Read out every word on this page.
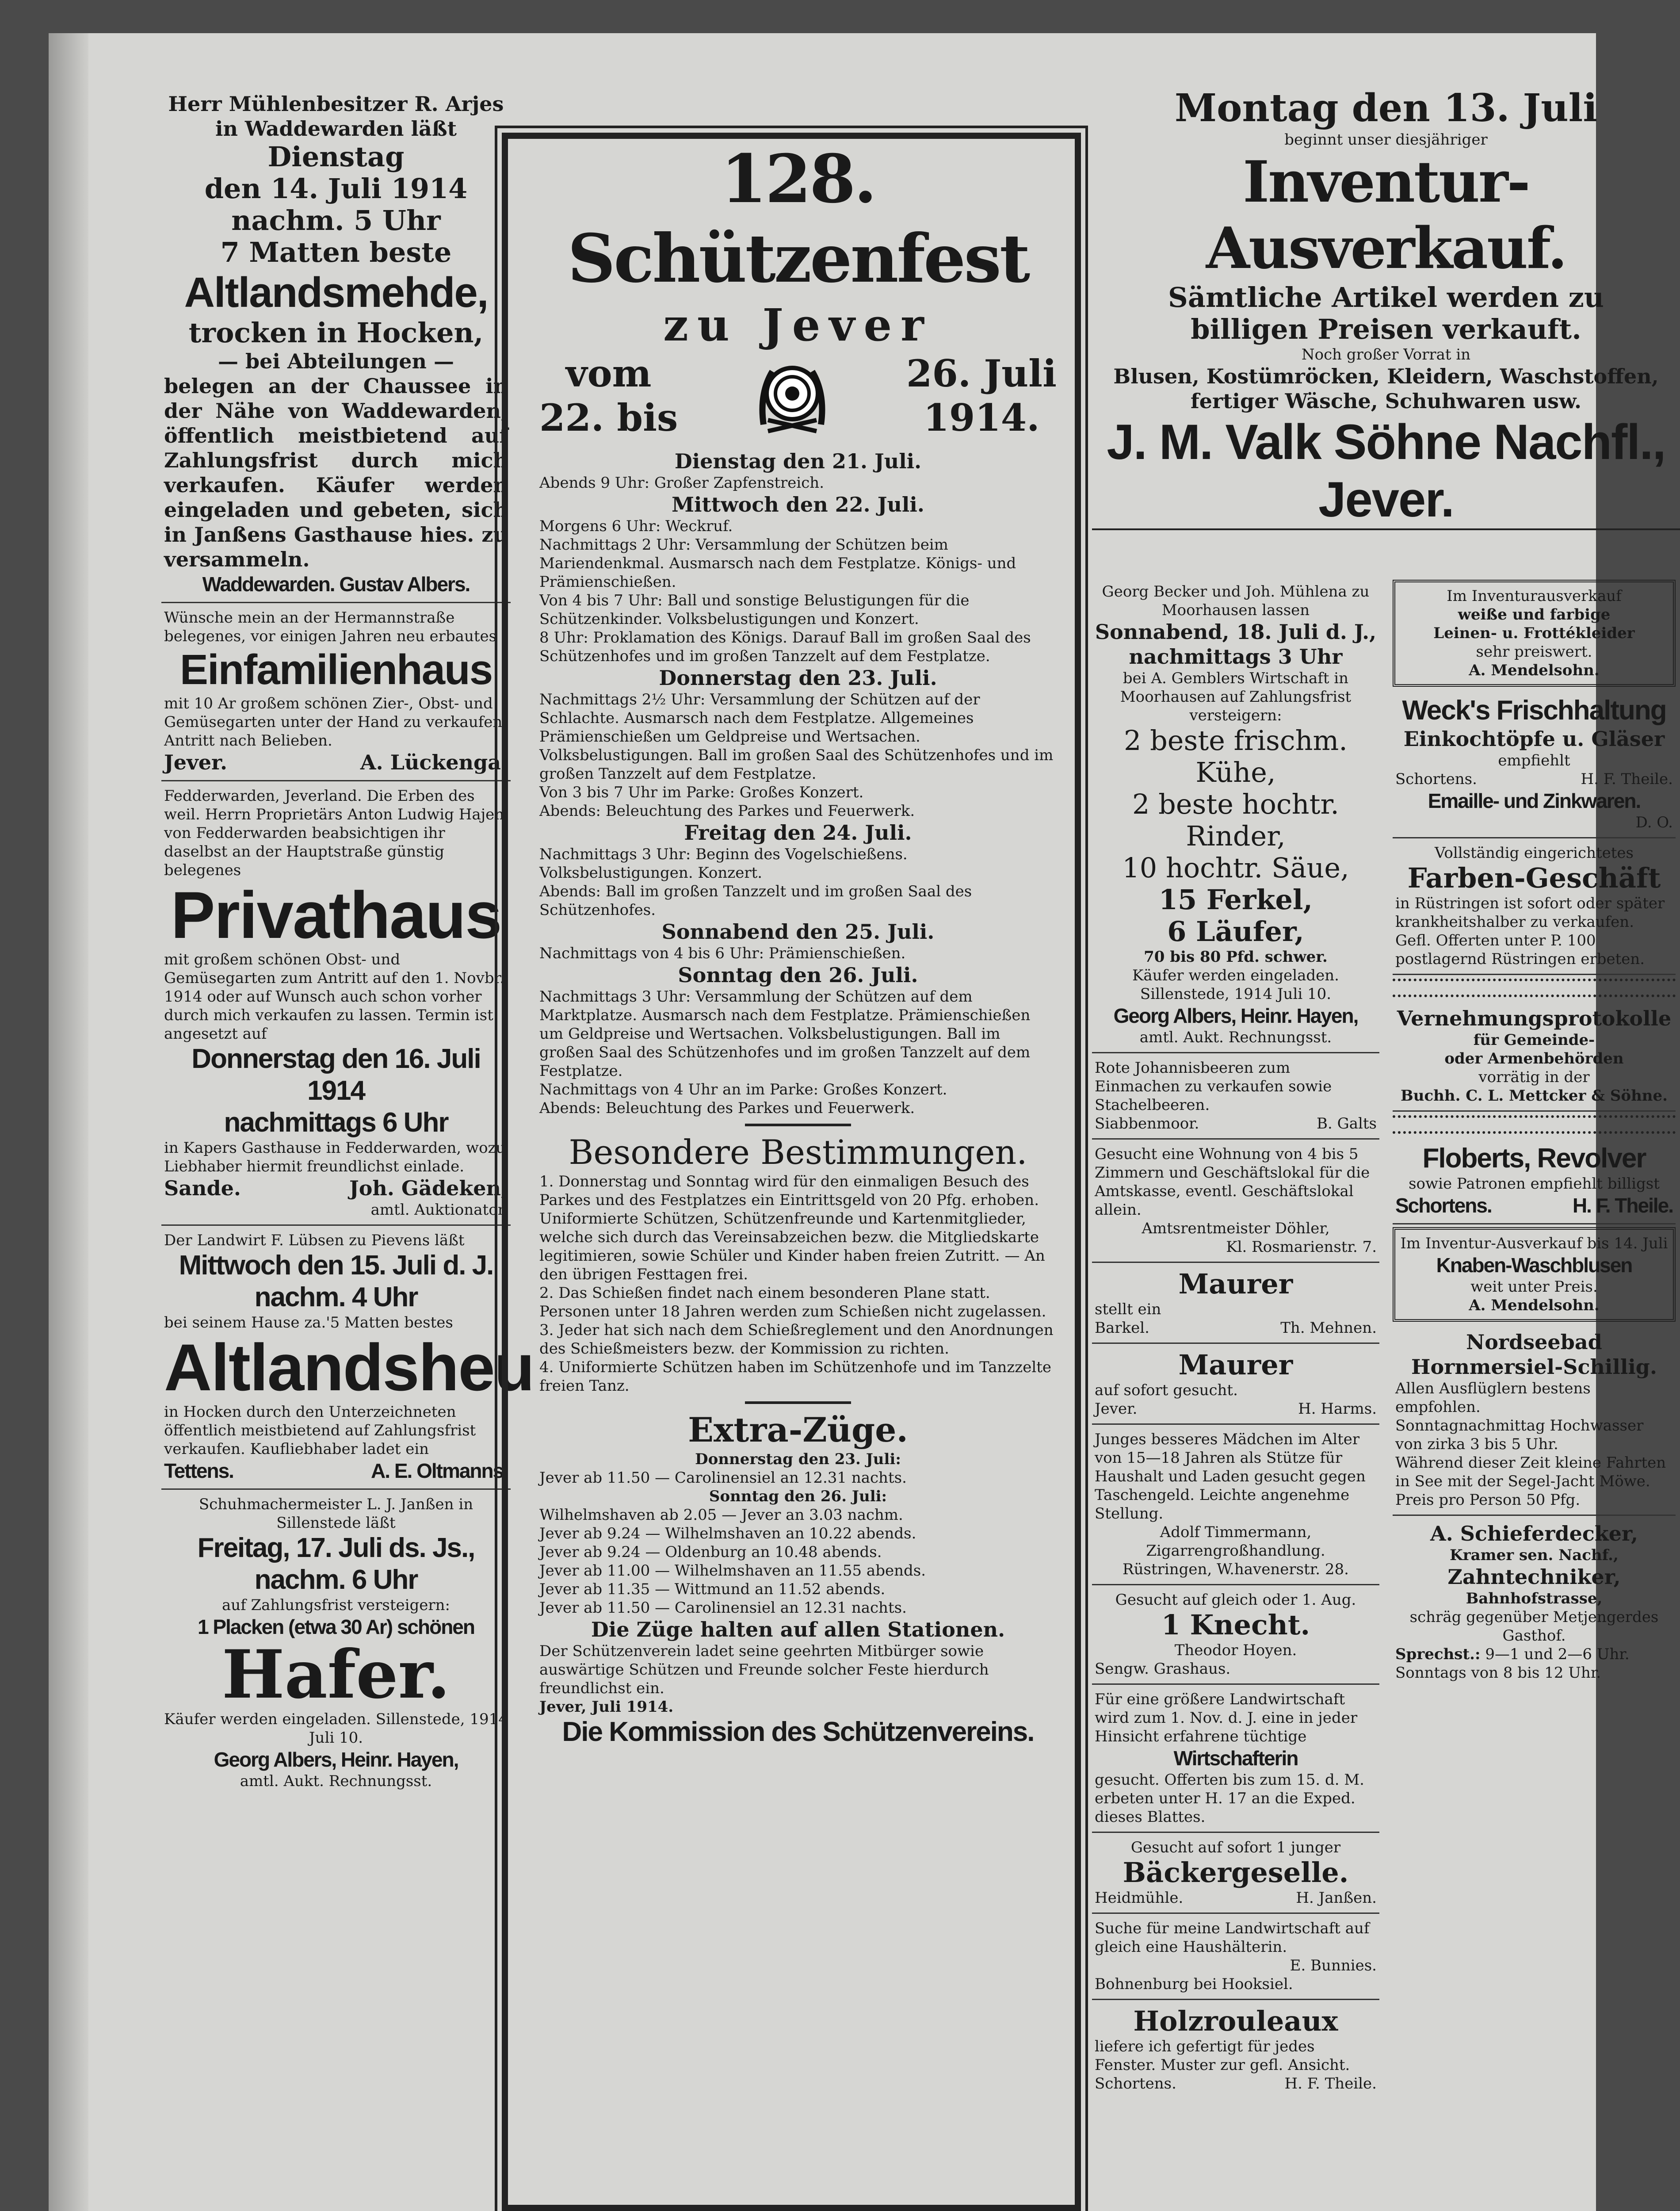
Herr Mühlenbesitzer R. Arjes in Waddewarden läßt

Dienstag

den 14. Juli 1914

nachm. 5 Uhr

7 Matten beste

Altlandsmehde,

trocken in Hocken,

— bei Abteilungen —

belegen an der Chaussee in der Nähe von Waddewarden, öffentlich meistbietend auf Zahlungsfrist durch mich verkaufen. Käufer werden eingeladen und gebeten, sich in Janßens Gasthause hies. zu versammeln.

Waddewarden. Gustav Albers.

Wünsche mein an der Hermannstraße belegenes, vor einigen Jahren neu erbautes

Einfamilienhaus

mit 10 Ar großem schönen Zier-, Obst- und Gemüsegarten unter der Hand zu verkaufen. Antritt nach Belieben.

Jever.	A. Lückenga.

Fedderwarden, Jeverland. Die Erben des weil. Herrn Proprietärs Anton Ludwig Hajen von Fedderwarden beabsichtigen ihr daselbst an der Hauptstraße günstig belegenes

Privathaus

mit großem schönen Obst- und Gemüsegarten zum Antritt auf den 1. Novbr. 1914 oder auf Wunsch auch schon vorher durch mich verkaufen zu lassen. Termin ist angesetzt auf

Donnerstag den 16. Juli 1914

nachmittags 6 Uhr

in Kapers Gasthause in Fedderwarden, wozu Liebhaber hiermit freundlichst einlade.

Sande.	Joh. Gädeken,

amtl. Auktionator.

Der Landwirt F. Lübsen zu Pievens läßt

Mittwoch den 15. Juli d. J.

nachm. 4 Uhr

bei seinem Hause za.'5 Matten bestes

Altlandsheu

in Hocken durch den Unterzeichneten öffentlich meistbietend auf Zahlungsfrist verkaufen. Kaufliebhaber ladet ein

Tettens.	A. E. Oltmanns.

Schuhmachermeister L. J. Janßen in Sillenstede läßt

Freitag, 17. Juli ds. Js.,

nachm. 6 Uhr

auf Zahlungsfrist versteigern:

1 Placken (etwa 30 Ar) schönen

Hafer.

Käufer werden eingeladen. Sillenstede, 1914 Juli 10.

Georg Albers, Heinr. Hayen,

amtl. Aukt. Rechnungsst.

128. Schützenfest

zu Jever

vom

22. bis

26. Juli

1914.

Dienstag den 21. Juli.

Abends 9 Uhr: Großer Zapfenstreich.

Mittwoch den 22. Juli.

Morgens 6 Uhr: Weckruf.

Nachmittags 2 Uhr: Versammlung der Schützen beim Mariendenkmal. Ausmarsch nach dem Festplatze. Königs- und Prämienschießen.

Von 4 bis 7 Uhr: Ball und sonstige Belustigungen für die Schützenkinder. Volksbelustigungen und Konzert.

8 Uhr: Proklamation des Königs. Darauf Ball im großen Saal des Schützenhofes und im großen Tanzzelt auf dem Festplatze.

Donnerstag den 23. Juli.

Nachmittags 2½ Uhr: Versammlung der Schützen auf der Schlachte. Ausmarsch nach dem Festplatze. Allgemeines Prämienschießen um Geldpreise und Wertsachen. Volksbelustigungen. Ball im großen Saal des Schützenhofes und im großen Tanzzelt auf dem Festplatze.

Von 3 bis 7 Uhr im Parke: Großes Konzert.

Abends: Beleuchtung des Parkes und Feuerwerk.

Freitag den 24. Juli.

Nachmittags 3 Uhr: Beginn des Vogelschießens. Volksbelustigungen. Konzert.

Abends: Ball im großen Tanzzelt und im großen Saal des Schützenhofes.

Sonnabend den 25. Juli.

Nachmittags von 4 bis 6 Uhr: Prämienschießen.

Sonntag den 26. Juli.

Nachmittags 3 Uhr: Versammlung der Schützen auf dem Marktplatze. Ausmarsch nach dem Festplatze. Prämienschießen um Geldpreise und Wertsachen. Volksbelustigungen. Ball im großen Saal des Schützenhofes und im großen Tanzzelt auf dem Festplatze.

Nachmittags von 4 Uhr an im Parke: Großes Konzert.

Abends: Beleuchtung des Parkes und Feuerwerk.

Besondere Bestimmungen.

1. Donnerstag und Sonntag wird für den einmaligen Besuch des Parkes und des Festplatzes ein Eintrittsgeld von 20 Pfg. erhoben. Uniformierte Schützen, Schützenfreunde und Kartenmitglieder, welche sich durch das Vereinsabzeichen bezw. die Mitgliedskarte legitimieren, sowie Schüler und Kinder haben freien Zutritt. — An den übrigen Festtagen frei.

2. Das Schießen findet nach einem besonderen Plane statt. Personen unter 18 Jahren werden zum Schießen nicht zugelassen.

3. Jeder hat sich nach dem Schießreglement und den Anordnungen des Schießmeisters bezw. der Kommission zu richten.

4. Uniformierte Schützen haben im Schützenhofe und im Tanzzelte freien Tanz.

Extra-Züge.

Donnerstag den 23. Juli:

Jever ab 11.50 — Carolinensiel an 12.31 nachts.

Sonntag den 26. Juli:

Wilhelmshaven ab 2.05 — Jever an 3.03 nachm.

Jever ab 9.24 — Wilhelmshaven an 10.22 abends.

Jever ab 9.24 — Oldenburg an 10.48 abends.

Jever ab 11.00 — Wilhelmshaven an 11.55 abends.

Jever ab 11.35 — Wittmund an 11.52 abends.

Jever ab 11.50 — Carolinensiel an 12.31 nachts.

Die Züge halten auf allen Stationen.

Der Schützenverein ladet seine geehrten Mitbürger sowie auswärtige Schützen und Freunde solcher Feste hierdurch freundlichst ein.

Jever, Juli 1914.

Die Kommission des Schützenvereins.

Montag den 13. Juli

beginnt unser diesjähriger

Inventur-Ausverkauf.

Sämtliche Artikel werden zu

billigen Preisen verkauft.

Noch großer Vorrat in

Blusen, Kostümröcken, Kleidern, Waschstoffen,

fertiger Wäsche, Schuhwaren usw.

J. M. Valk Söhne Nachfl., Jever.

Georg Becker und Joh. Mühlena zu Moorhausen lassen

Sonnabend, 18. Juli d. J.,

nachmittags 3 Uhr

bei A. Gemblers Wirtschaft in Moorhausen auf Zahlungsfrist versteigern:

2 beste frischm. Kühe,

2 beste hochtr. Rinder,

10 hochtr. Säue,

15 Ferkel,

6 Läufer,

70 bis 80 Pfd. schwer.

Käufer werden eingeladen. Sillenstede, 1914 Juli 10.

Georg Albers, Heinr. Hayen,

amtl. Aukt. Rechnungsst.

Rote Johannisbeeren zum Einmachen zu verkaufen sowie Stachelbeeren.

Siabbenmoor.	B. Galts

Gesucht eine Wohnung von 4 bis 5 Zimmern und Geschäftslokal für die Amtskasse, eventl. Geschäftslokal allein.

Amtsrentmeister Döhler,

Kl. Rosmarienstr. 7.

Maurer

stellt ein

Barkel.	Th. Mehnen.

Maurer

auf sofort gesucht.

Jever.	H. Harms.

Junges besseres Mädchen im Alter von 15—18 Jahren als Stütze für Haushalt und Laden gesucht gegen Taschengeld. Leichte angenehme Stellung.

Adolf Timmermann,

Zigarrengroßhandlung.

Rüstringen, W.havenerstr. 28.

Gesucht auf gleich oder 1. Aug.

1 Knecht.

Theodor Hoyen.

Sengw. Grashaus.

Für eine größere Landwirtschaft wird zum 1. Nov. d. J. eine in jeder Hinsicht erfahrene tüchtige

Wirtschafterin

gesucht. Offerten bis zum 15. d. M. erbeten unter H. 17 an die Exped. dieses Blattes.

Gesucht auf sofort 1 junger

Bäckergeselle.

Heidmühle.	H. Janßen.

Suche für meine Landwirtschaft auf gleich eine Haushälterin.

E. Bunnies.

Bohnenburg bei Hooksiel.

Holzrouleaux

liefere ich gefertigt für jedes Fenster. Muster zur gefl. Ansicht.

Schortens.	H. F. Theile.

Im Inventurausverkauf

weiße und farbige

Leinen- u. Frottékleider

sehr preiswert.

A. Mendelsohn.

Weck's Frischhaltung

Einkochtöpfe u. Gläser

empfiehlt

Schortens.	H. F. Theile.

Emaille- und Zinkwaren.

D. O.

Vollständig eingerichtetes

Farben-Geschäft

in Rüstringen ist sofort oder später krankheitshalber zu verkaufen. Gefl. Offerten unter P. 100 postlagernd Rüstringen erbeten.

Vernehmungsprotokolle

für Gemeinde-

oder Armenbehörden

vorrätig in der

Buchh. C. L. Mettcker & Söhne.

Floberts, Revolver

sowie Patronen empfiehlt billigst

Schortens.	H. F. Theile.

Im Inventur-Ausverkauf bis 14. Juli

Knaben-Waschblusen

weit unter Preis.

A. Mendelsohn.

Nordseebad

Hornmersiel-Schillig.

Allen Ausflüglern bestens empfohlen.

Sonntagnachmittag Hochwasser von zirka 3 bis 5 Uhr.

Während dieser Zeit kleine Fahrten in See mit der Segel-Jacht Möwe. Preis pro Person 50 Pfg.

A. Schieferdecker,

Kramer sen. Nachf.,

Zahntechniker,

Bahnhofstrasse,

schräg gegenüber Metjengerdes Gasthof.

Sprechst.: 9—1 und 2—6 Uhr. Sonntags von 8 bis 12 Uhr.
